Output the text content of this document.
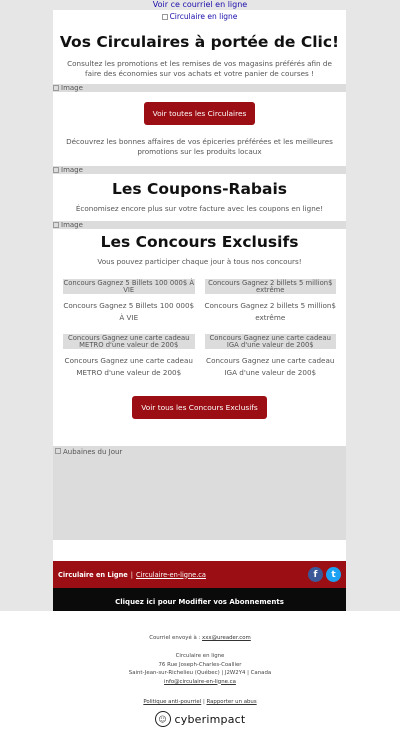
Voir ce courriel en ligne
Circulaire en ligne
Vos Circulaires à portée de Clic!
Consultez les promotions et les remises de vos magasins préférés afin de faire des économies sur vos achats et votre panier de courses !
Image
Voir toutes les Circulaires
Découvrez les bonnes affaires de vos épiceries préférées et les meilleures promotions sur les produits locaux
Image
Les Coupons-Rabais
Économisez encore plus sur votre facture avec les coupons en ligne!
Image
Les Concours Exclusifs
Vous pouvez participer chaque jour à tous nos concours!
Concours Gagnez 5 Billets 100 000$ À VIE
Concours Gagnez 5 Billets 100 000$ À VIE
Concours Gagnez 2 billets 5 million$ extrême
Concours Gagnez 2 billets 5 million$ extrême
Concours Gagnez une carte cadeau METRO d'une valeur de 200$
Concours Gagnez une carte cadeau METRO d'une valeur de 200$
Concours Gagnez une carte cadeau IGA d'une valeur de 200$
Concours Gagnez une carte cadeau IGA d'une valeur de 200$
Voir tous les Concours Exclusifs
Aubaines du Jour
Circulaire en Ligne | Circulaire-en-ligne.ca	f	t
Cliquez ici pour Modifier vos Abonnements
Courriel envoyé à : xxx@ureader.com
Circulaire en ligne
76 Rue Joseph-Charles-Coallier
Saint-Jean-sur-Richelieu (Québec) | J2W2Y4 | Canada
info@circulaire-en-ligne.ca
Politique anti-pourriel | Rapporter un abus
☺ cyberimpact
